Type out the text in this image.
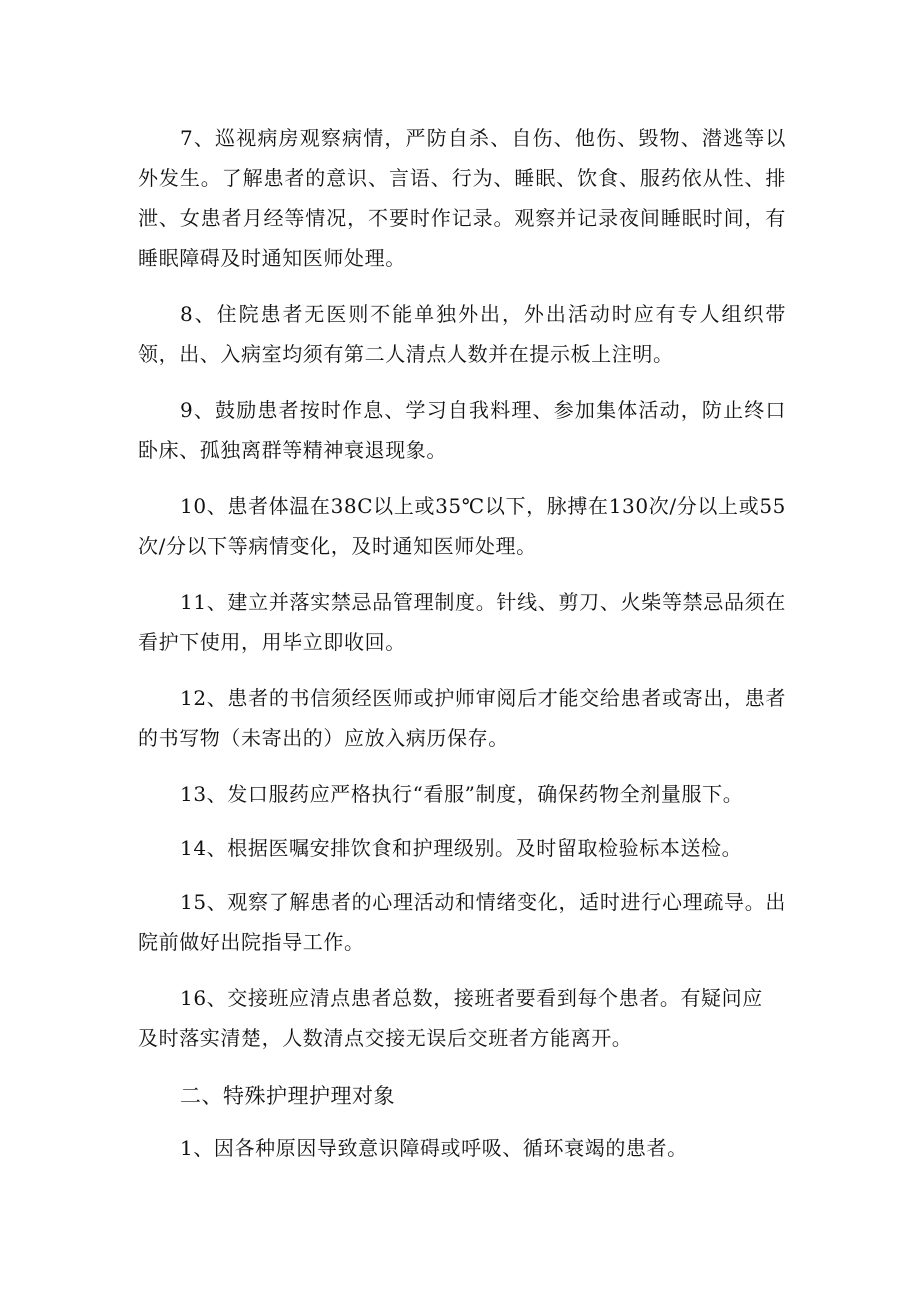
7、巡视病房观察病情，严防自杀、自伤、他伤、毁物、潜逃等以外发生。了解患者的意识、言语、行为、睡眠、饮食、服药依从性、排泄、女患者月经等情况，不要时作记录。观察并记录夜间睡眠时间，有睡眠障碍及时通知医师处理。

8、住院患者无医则不能单独外出，外出活动时应有专人组织带领，出、入病室均须有第二人清点人数并在提示板上注明。

9、鼓励患者按时作息、学习自我料理、参加集体活动，防止终口卧床、孤独离群等精神衰退现象。

10、患者体温在38C以上或35℃以下，脉搏在130次/分以上或55次/分以下等病情变化，及时通知医师处理。

11、建立并落实禁忌品管理制度。针线、剪刀、火柴等禁忌品须在看护下使用，用毕立即收回。

12、患者的书信须经医师或护师审阅后才能交给患者或寄出，患者的书写物（未寄出的）应放入病历保存。

13、发口服药应严格执行“看服”制度，确保药物全剂量服下。

14、根据医嘱安排饮食和护理级别。及时留取检验标本送检。

15、观察了解患者的心理活动和情绪变化，适时进行心理疏导。出院前做好出院指导工作。

16、交接班应清点患者总数，接班者要看到每个患者。有疑问应
及时落实清楚，人数清点交接无误后交班者方能离开。
二、特殊护理护理对象

1、因各种原因导致意识障碍或呼吸、循环衰竭的患者。
